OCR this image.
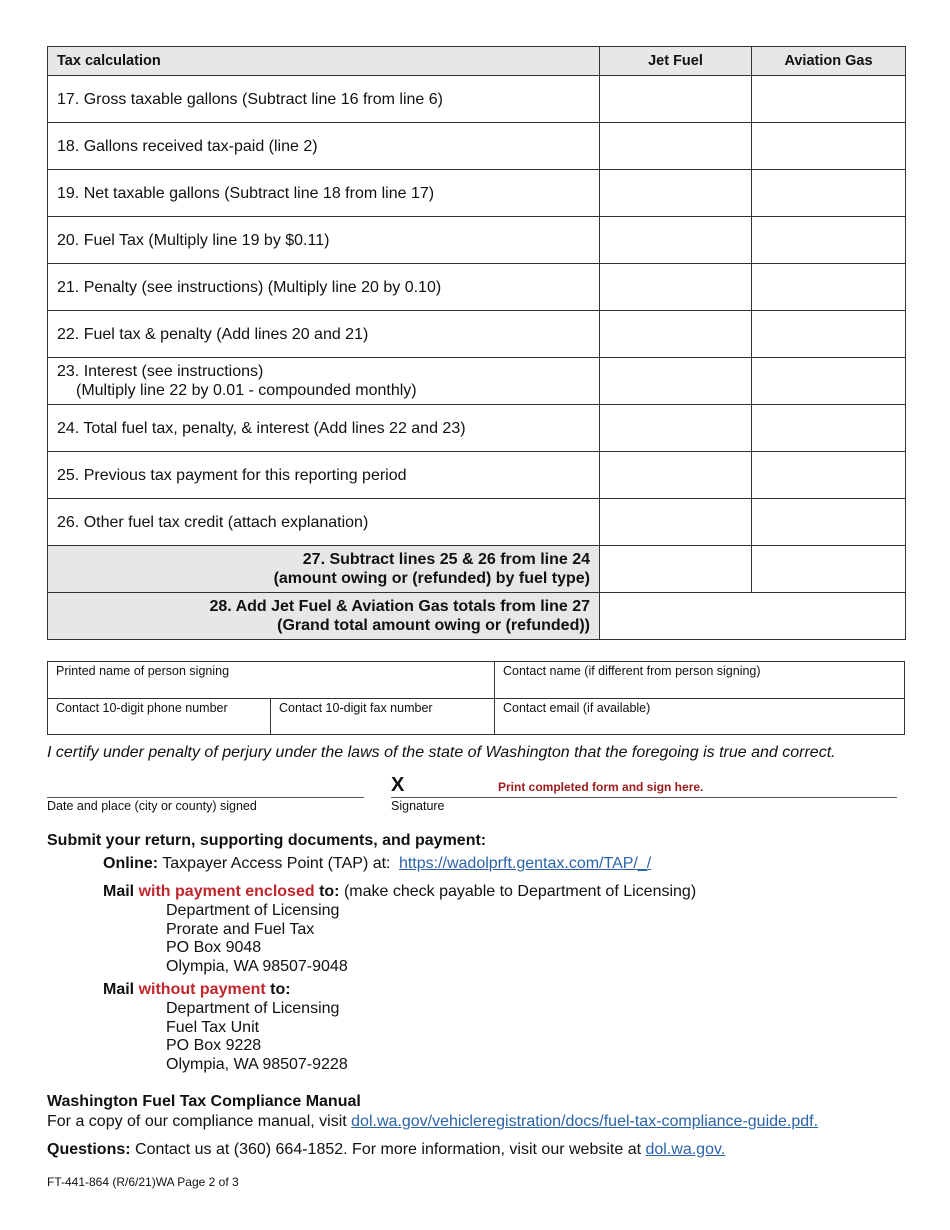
Tax calculation	Jet Fuel	Aviation Gas
17. Gross taxable gallons (Subtract line 16 from line 6)		
18. Gallons received tax-paid (line 2)		
19. Net taxable gallons (Subtract line 18 from line 17)		
20. Fuel Tax (Multiply line 19 by $0.11)		
21. Penalty (see instructions) (Multiply line 20 by 0.10)		
22. Fuel tax & penalty (Add lines 20 and 21)		

23. Interest (see instructions)
(Multiply line 22 by 0.01 - compounded monthly)		

24. Total fuel tax, penalty, & interest (Add lines 22 and 23)		
25. Previous tax payment for this reporting period		
26. Other fuel tax credit (attach explanation)		

27. Subtract lines 25 & 26 from line 24
(amount owing or (refunded) by fuel type)		

28. Add Jet Fuel & Aviation Gas totals from line 27
(Grand total amount owing or (refunded))		

Printed name of person signing		Contact name (if different from person signing)
Contact 10-digit phone number	Contact 10-digit fax number	Contact email (if available)
I certify under penalty of perjury under the laws of the state of Washington that the foregoing is true and correct.
X	Print completed form and sign here.
Date and place (city or county) signed	Signature
Submit your return, supporting documents, and payment:
Online: Taxpayer Access Point (TAP) at: https://wadolprft.gentax.com/TAP/_/
Mail with payment enclosed to: (make check payable to Department of Licensing)
Department of Licensing
Prorate and Fuel Tax
PO Box 9048
Olympia, WA 98507-9048
Mail without payment to:
Department of Licensing
Fuel Tax Unit
PO Box 9228
Olympia, WA 98507-9228
Washington Fuel Tax Compliance Manual
For a copy of our compliance manual, visit dol.wa.gov/vehicleregistration/docs/fuel-tax-compliance-guide.pdf.
Questions: Contact us at (360) 664-1852. For more information, visit our website at dol.wa.gov.
FT-441-864 (R/6/21)WA Page 2 of 3
